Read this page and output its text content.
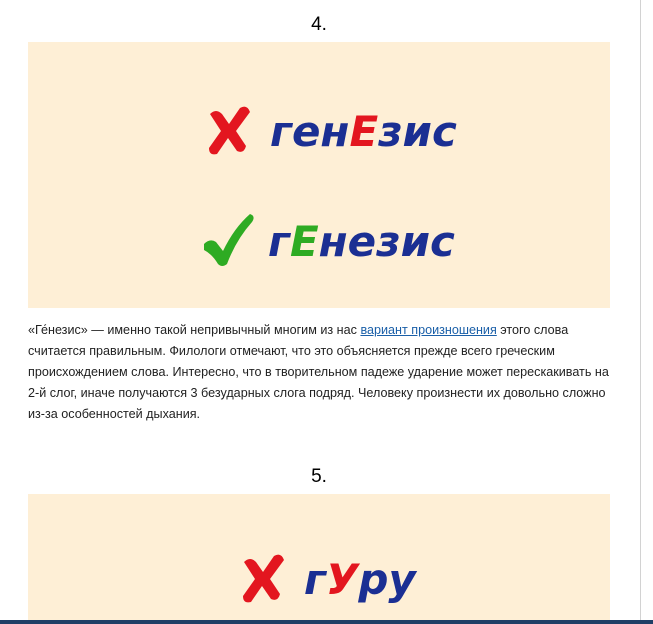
4.
генЕзис
гЕнезис
«Ге́незис» — именно такой непривычный многим из нас вариант произношения этого слова считается правильным. Филологи отмечают, что это объясняется прежде всего греческим происхождением слова. Интересно, что в творительном падеже ударение может перескакивать на 2-й слог, иначе получаются 3 безударных слога подряд. Человеку произнести их довольно сложно из-за особенностей дыхания.
5.
гУру
